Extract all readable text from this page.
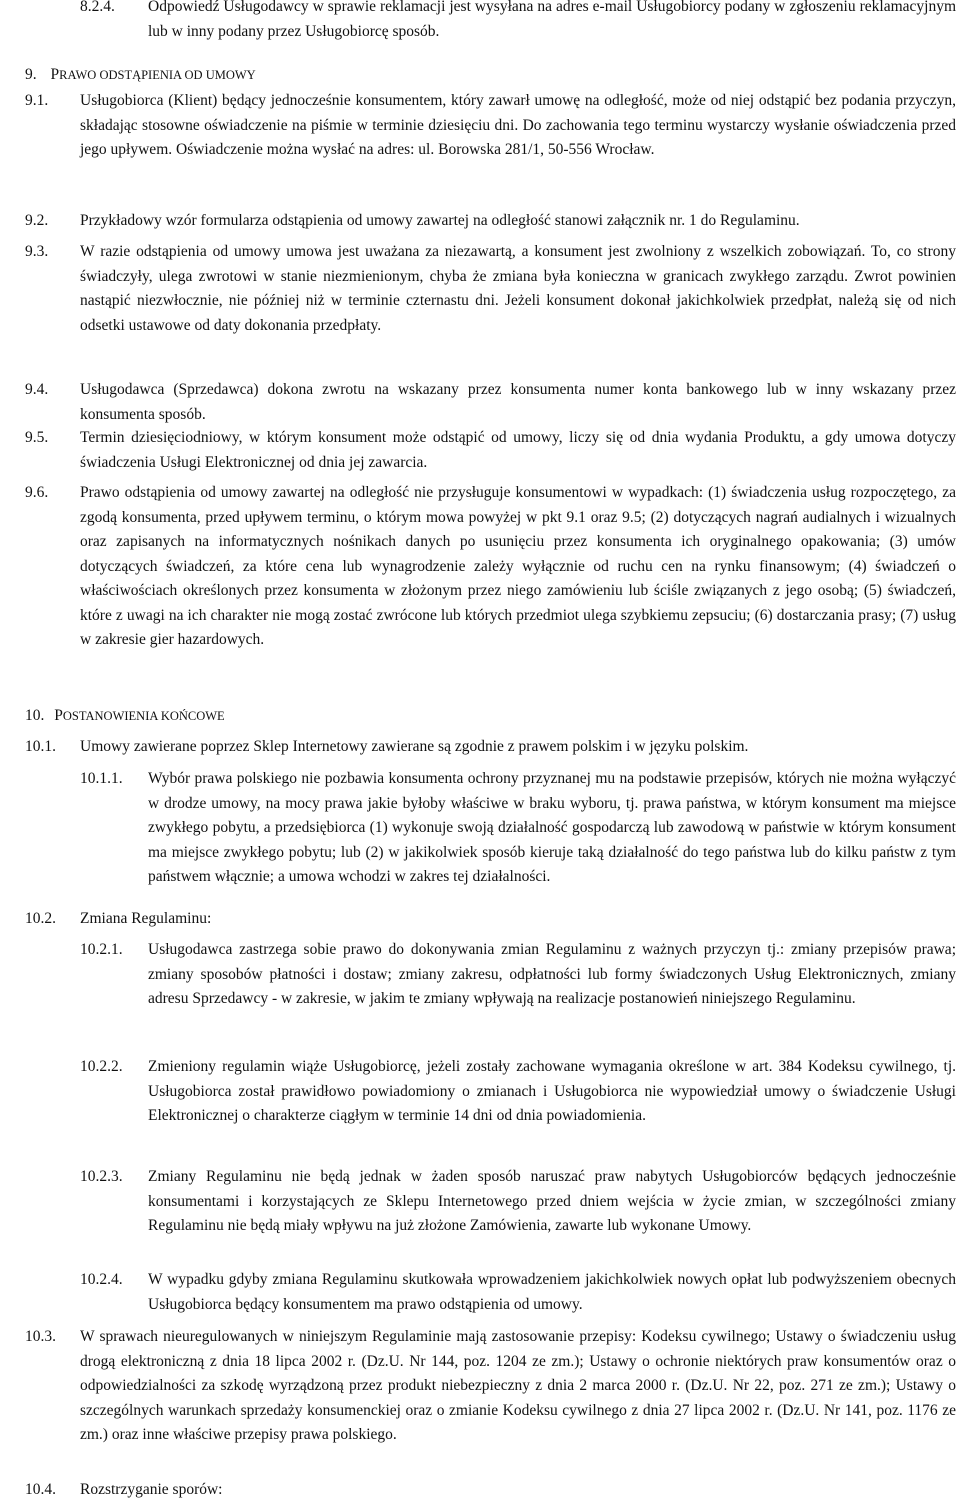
8.2.4. Odpowiedź Usługodawcy w sprawie reklamacji jest wysyłana na adres e-mail Usługobiorcy podany w zgłoszeniu reklamacyjnym lub w inny podany przez Usługobiorcę sposób.

9. PRAWO ODSTĄPIENIA OD UMOWY
9.1. Usługobiorca (Klient) będący jednocześnie konsumentem, który zawarł umowę na odległość, może od niej odstąpić bez podania przyczyn, składając stosowne oświadczenie na piśmie w terminie dziesięciu dni. Do zachowania tego terminu wystarczy wysłanie oświadczenia przed jego upływem. Oświadczenie można wysłać na adres: ul. Borowska 281/1, 50-556 Wrocław.

9.2. Przykładowy wzór formularza odstąpienia od umowy zawartej na odległość stanowi załącznik nr. 1 do Regulaminu.

9.3. W razie odstąpienia od umowy umowa jest uważana za niezawartą, a konsument jest zwolniony z wszelkich zobowiązań. To, co strony świadczyły, ulega zwrotowi w stanie niezmienionym, chyba że zmiana była konieczna w granicach zwykłego zarządu. Zwrot powinien nastąpić niezwłocznie, nie później niż w terminie czternastu dni. Jeżeli konsument dokonał jakichkolwiek przedpłat, należą się od nich odsetki ustawowe od daty dokonania przedpłaty.

9.4. Usługodawca (Sprzedawca) dokona zwrotu na wskazany przez konsumenta numer konta bankowego lub w inny wskazany przez konsumenta sposób.

9.5. Termin dziesięciodniowy, w którym konsument może odstąpić od umowy, liczy się od dnia wydania Produktu, a gdy umowa dotyczy świadczenia Usługi Elektronicznej od dnia jej zawarcia.

9.6. Prawo odstąpienia od umowy zawartej na odległość nie przysługuje konsumentowi w wypadkach: (1) świadczenia usług rozpoczętego, za zgodą konsumenta, przed upływem terminu, o którym mowa powyżej w pkt 9.1 oraz 9.5; (2) dotyczących nagrań audialnych i wizualnych oraz zapisanych na informatycznych nośnikach danych po usunięciu przez konsumenta ich oryginalnego opakowania; (3) umów dotyczących świadczeń, za które cena lub wynagrodzenie zależy wyłącznie od ruchu cen na rynku finansowym; (4) świadczeń o właściwościach określonych przez konsumenta w złożonym przez niego zamówieniu lub ściśle związanych z jego osobą; (5) świadczeń, które z uwagi na ich charakter nie mogą zostać zwrócone lub których przedmiot ulega szybkiemu zepsuciu; (6) dostarczania prasy; (7) usług w zakresie gier hazardowych.

10. POSTANOWIENIA KOŃCOWE
10.1. Umowy zawierane poprzez Sklep Internetowy zawierane są zgodnie z prawem polskim i w języku polskim.

10.1.1. Wybór prawa polskiego nie pozbawia konsumenta ochrony przyznanej mu na podstawie przepisów, których nie można wyłączyć w drodze umowy, na mocy prawa jakie byłoby właściwe w braku wyboru, tj. prawa państwa, w którym konsument ma miejsce zwykłego pobytu, a przedsiębiorca (1) wykonuje swoją działalność gospodarczą lub zawodową w państwie w którym konsument ma miejsce zwykłego pobytu; lub (2) w jakikolwiek sposób kieruje taką działalność do tego państwa lub do kilku państw z tym państwem włącznie; a umowa wchodzi w zakres tej działalności.

10.2. Zmiana Regulaminu:

10.2.1. Usługodawca zastrzega sobie prawo do dokonywania zmian Regulaminu z ważnych przyczyn tj.: zmiany przepisów prawa; zmiany sposobów płatności i dostaw; zmiany zakresu, odpłatności lub formy świadczonych Usług Elektronicznych, zmiany adresu Sprzedawcy - w zakresie, w jakim te zmiany wpływają na realizacje postanowień niniejszego Regulaminu.

10.2.2. Zmieniony regulamin wiąże Usługobiorcę, jeżeli zostały zachowane wymagania określone w art. 384 Kodeksu cywilnego, tj. Usługobiorca został prawidłowo powiadomiony o zmianach i Usługobiorca nie wypowiedział umowy o świadczenie Usługi Elektronicznej o charakterze ciągłym w terminie 14 dni od dnia powiadomienia.

10.2.3. Zmiany Regulaminu nie będą jednak w żaden sposób naruszać praw nabytych Usługobiorców będących jednocześnie konsumentami i korzystających ze Sklepu Internetowego przed dniem wejścia w życie zmian, w szczególności zmiany Regulaminu nie będą miały wpływu na już złożone Zamówienia, zawarte lub wykonane Umowy.

10.2.4. W wypadku gdyby zmiana Regulaminu skutkowała wprowadzeniem jakichkolwiek nowych opłat lub podwyższeniem obecnych Usługobiorca będący konsumentem ma prawo odstąpienia od umowy.

10.3. W sprawach nieuregulowanych w niniejszym Regulaminie mają zastosowanie przepisy: Kodeksu cywilnego; Ustawy o świadczeniu usług drogą elektroniczną z dnia 18 lipca 2002 r. (Dz.U. Nr 144, poz. 1204 ze zm.); Ustawy o ochronie niektórych praw konsumentów oraz o odpowiedzialności za szkodę wyrządzoną przez produkt niebezpieczny z dnia 2 marca 2000 r. (Dz.U. Nr 22, poz. 271 ze zm.); Ustawy o szczególnych warunkach sprzedaży konsumenckiej oraz o zmianie Kodeksu cywilnego z dnia 27 lipca 2002 r. (Dz.U. Nr 141, poz. 1176 ze zm.) oraz inne właściwe przepisy prawa polskiego.

10.4. Rozstrzyganie sporów:
